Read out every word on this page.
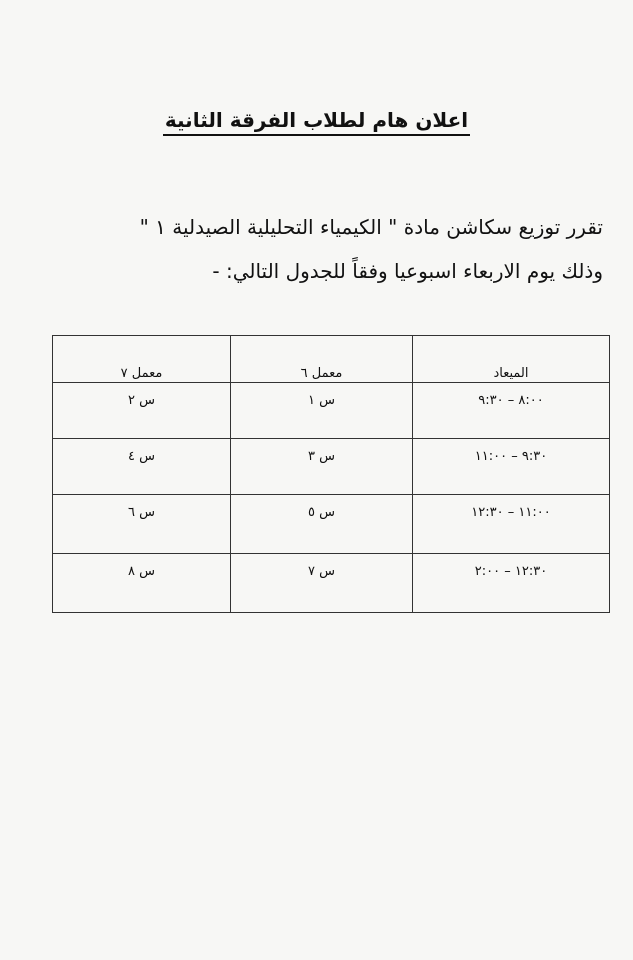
اعلان هام لطلاب الفرقة الثانية
تقرر توزيع سكاشن مادة " الكيمياء التحليلية الصيدلية ١ "
وذلك يوم الاربعاء اسبوعيا وفقاً للجدول التالي: -
الميعاد	معمل ٦	معمل ٧
٨:٠٠ – ٩:٣٠	س ١	س ٢
٩:٣٠ – ١١:٠٠	س ٣	س ٤
١١:٠٠ – ١٢:٣٠	س ٥	س ٦
١٢:٣٠ – ٢:٠٠	س ٧	س ٨
